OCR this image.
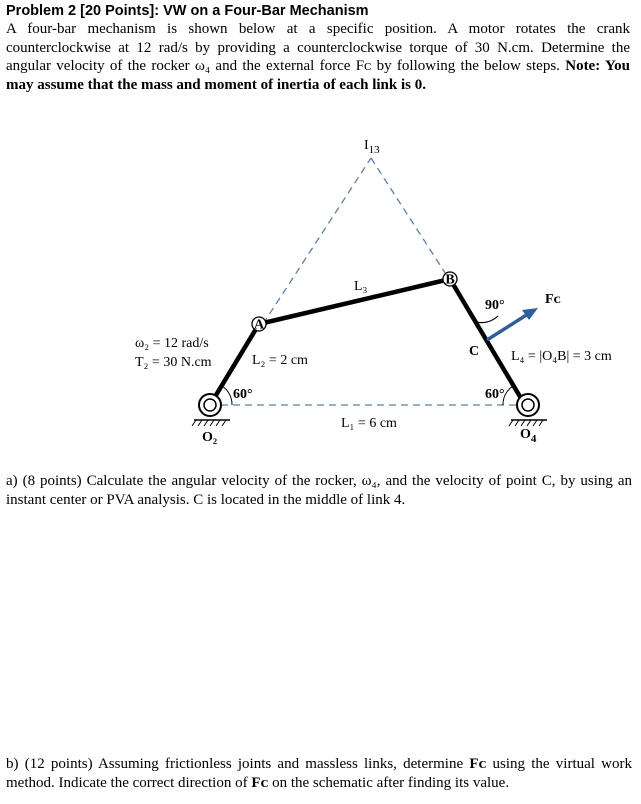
Problem 2 [20 Points]: VW on a Four-Bar Mechanism
A four-bar mechanism is shown below at a specific position. A motor rotates the crank counterclockwise at 12 rad/s by providing a counterclockwise torque of 30 N.cm. Determine the angular velocity of the rocker ω₄ and the external force Fᴄ by following the below steps. Note: You may assume that the mass and moment of inertia of each link is 0.
$I_{13}$
L₃
A
B
C
90°	Fᴄ
ω₂ = 12 rad/s
T₂ = 30 N.cm	L₂ = 2 cm	L₄ = |O₄B| = 3 cm
60°	60°
L₁ = 6 cm
O₂	$O_4$
a) (8 points) Calculate the angular velocity of the rocker, ω₄, and the velocity of point C, by using an instant center or PVA analysis. C is located in the middle of link 4.
b) (12 points) Assuming frictionless joints and massless links, determine Fᴄ using the virtual work method. Indicate the correct direction of Fᴄ on the schematic after finding its value.
